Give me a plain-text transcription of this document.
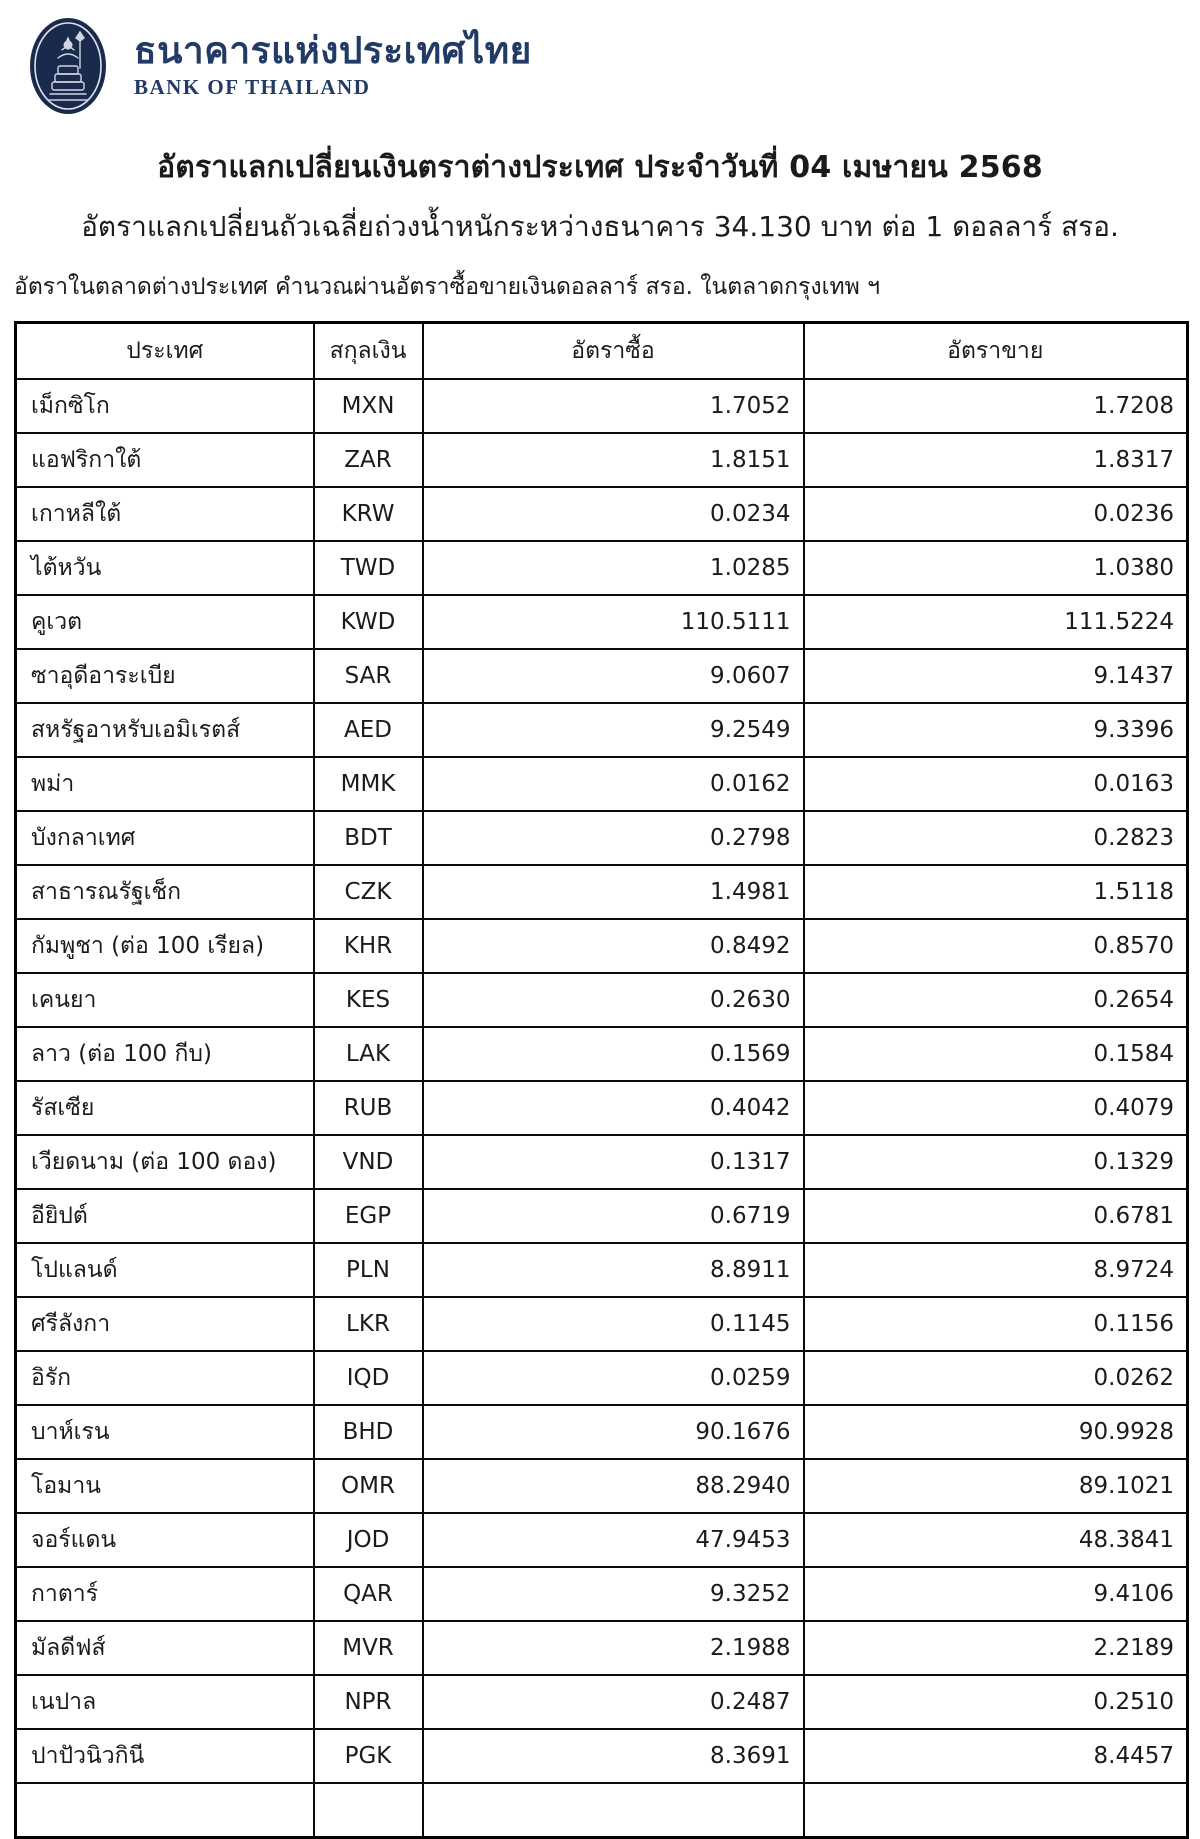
ธนาคารแห่งประเทศไทย
BANK OF THAILAND
อัตราแลกเปลี่ยนเงินตราต่างประเทศ ประจำวันที่ 04 เมษายน 2568
อัตราแลกเปลี่ยนถัวเฉลี่ยถ่วงน้ำหนักระหว่างธนาคาร 34.130 บาท ต่อ 1 ดอลลาร์ สรอ.
อัตราในตลาดต่างประเทศ คำนวณผ่านอัตราซื้อขายเงินดอลลาร์ สรอ. ในตลาดกรุงเทพ ฯ
ประเทศ	สกุลเงิน	อัตราซื้อ	อัตราขาย
เม็กซิโก	MXN	1.7052	1.7208
แอฟริกาใต้	ZAR	1.8151	1.8317
เกาหลีใต้	KRW	0.0234	0.0236
ไต้หวัน	TWD	1.0285	1.0380
คูเวต	KWD	110.5111	111.5224
ซาอุดีอาระเบีย	SAR	9.0607	9.1437
สหรัฐอาหรับเอมิเรตส์	AED	9.2549	9.3396
พม่า	MMK	0.0162	0.0163
บังกลาเทศ	BDT	0.2798	0.2823
สาธารณรัฐเช็ก	CZK	1.4981	1.5118
กัมพูชา (ต่อ 100 เรียล)	KHR	0.8492	0.8570
เคนยา	KES	0.2630	0.2654
ลาว (ต่อ 100 กีบ)	LAK	0.1569	0.1584
รัสเซีย	RUB	0.4042	0.4079
เวียดนาม (ต่อ 100 ดอง)	VND	0.1317	0.1329
อียิปต์	EGP	0.6719	0.6781
โปแลนด์	PLN	8.8911	8.9724
ศรีลังกา	LKR	0.1145	0.1156
อิรัก	IQD	0.0259	0.0262
บาห์เรน	BHD	90.1676	90.9928
โอมาน	OMR	88.2940	89.1021
จอร์แดน	JOD	47.9453	48.3841
กาตาร์	QAR	9.3252	9.4106
มัลดีฟส์	MVR	2.1988	2.2189
เนปาล	NPR	0.2487	0.2510
ปาปัวนิวกินี	PGK	8.3691	8.4457
